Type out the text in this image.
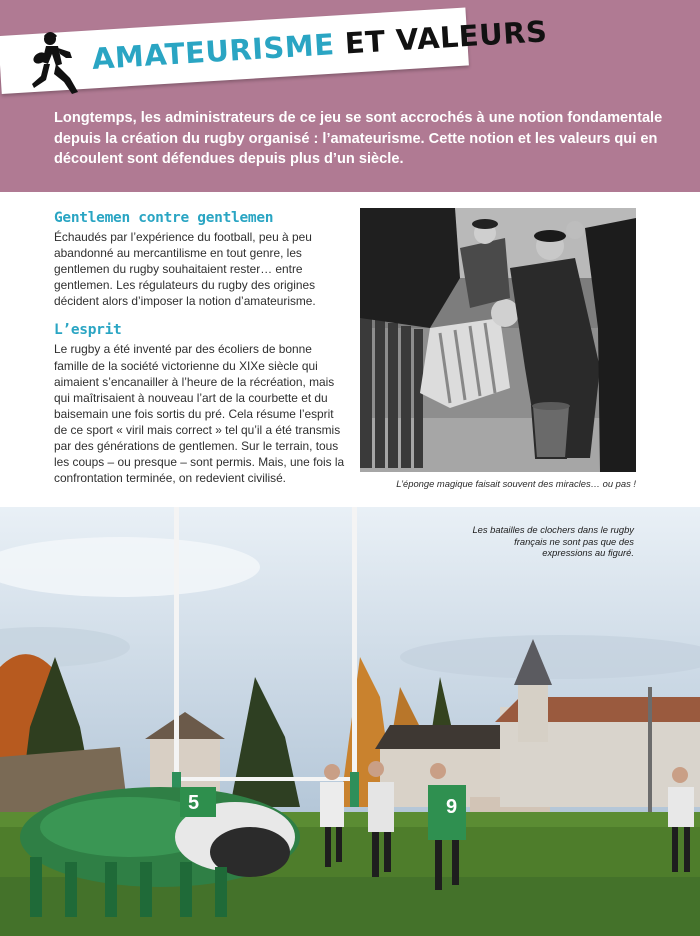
AMATEURISME ET VALEURS

Longtemps, les administrateurs de ce jeu se sont accrochés à une notion fondamentale depuis la création du rugby organisé : l’amateurisme. Cette notion et les valeurs qui en découlent sont défendues depuis plus d’un siècle.

Gentlemen contre gentlemen

Échaudés par l’expérience du football, peu à peu abandonné au mercantilisme en tout genre, les gentlemen du rugby souhaitaient rester… entre gentlemen. Les régulateurs du rugby des origines décident alors d’imposer la notion d’amateurisme.

L’esprit

Le rugby a été inventé par des écoliers de bonne famille de la société victorienne du XIXe siècle qui aimaient s’encanailler à l’heure de la récréation, mais qui maîtrisaient à nouveau l’art de la courbette et du baisemain une fois sortis du pré. Cela résume l’esprit de ce sport « viril mais correct » tel qu’il a été transmis par des générations de gentlemen. Sur le terrain, tous les coups – ou presque – sont permis. Mais, une fois la confrontation terminée, on redevient civilisé.	L’éponge magique faisait souvent des miracles… ou pas !

5	9

Les batailles de clochers dans le rugby français ne sont pas que des expressions au figuré.
